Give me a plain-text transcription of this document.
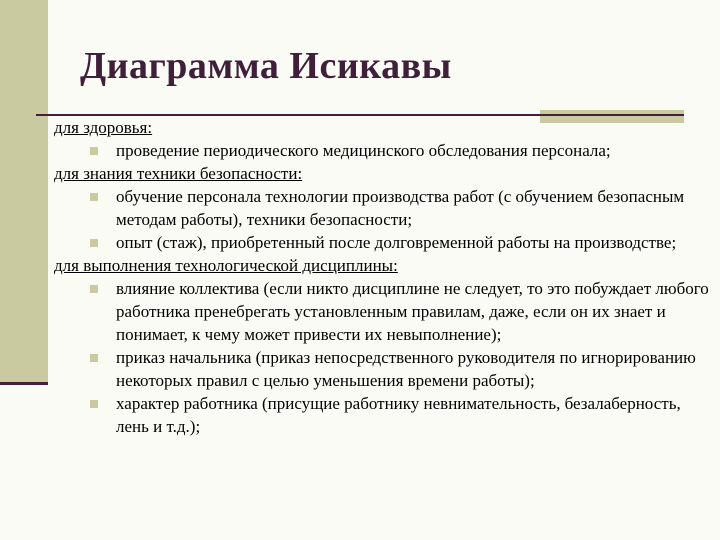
Диаграмма Исикавы
для здоровья:
проведение периодического медицинского обследования персонала;
для знания техники безопасности:
обучение персонала технологии производства работ (с обучением безопасным методам работы), техники безопасности;
опыт (стаж), приобретенный после долговременной работы на производстве;
для выполнения технологической дисциплины:
влияние коллектива (если никто дисциплине не следует, то это побуждает любого работника пренебрегать установленным правилам, даже, если он их знает и понимает, к чему может привести их невыполнение);
приказ начальника (приказ непосредственного руководителя по игнорированию некоторых правил с целью уменьшения времени работы);
характер работника (присущие работнику невнимательность, безалаберность, лень и т.д.);
